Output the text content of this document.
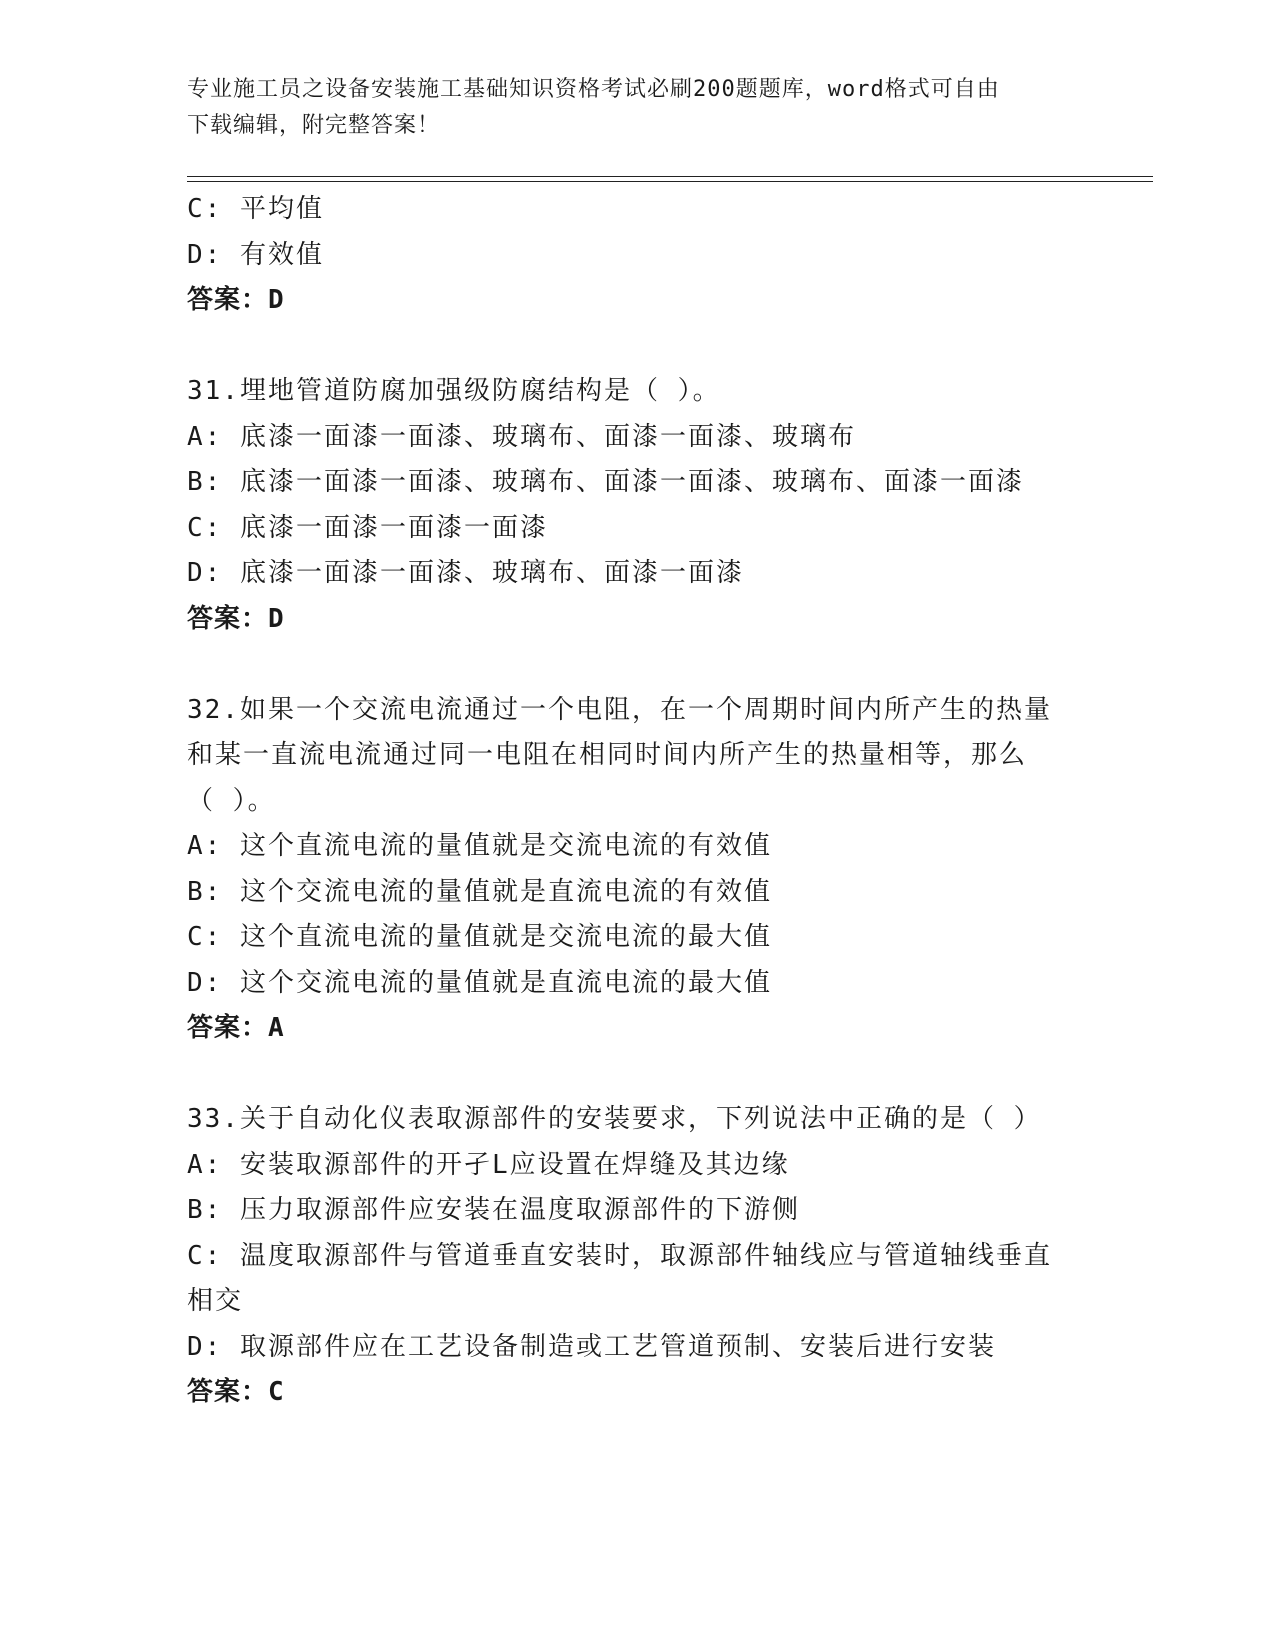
专业施工员之设备安装施工基础知识资格考试必刷200题题库，word格式可自由
下载编辑，附完整答案！
C: 平均值
D: 有效值
答案：D
31.埋地管道防腐加强级防腐结构是（ ）。
A: 底漆一面漆一面漆、玻璃布、面漆一面漆、玻璃布
B: 底漆一面漆一面漆、玻璃布、面漆一面漆、玻璃布、面漆一面漆
C: 底漆一面漆一面漆一面漆
D: 底漆一面漆一面漆、玻璃布、面漆一面漆
答案：D
32.如果一个交流电流通过一个电阻，在一个周期时间内所产生的热量
和某一直流电流通过同一电阻在相同时间内所产生的热量相等，那么
（ ）。
A: 这个直流电流的量值就是交流电流的有效值
B: 这个交流电流的量值就是直流电流的有效值
C: 这个直流电流的量值就是交流电流的最大值
D: 这个交流电流的量值就是直流电流的最大值
答案：A
33.关于自动化仪表取源部件的安装要求，下列说法中正确的是（ ）
A: 安装取源部件的开孑L应设置在焊缝及其边缘
B: 压力取源部件应安装在温度取源部件的下游侧
C: 温度取源部件与管道垂直安装时，取源部件轴线应与管道轴线垂直
相交
D: 取源部件应在工艺设备制造或工艺管道预制、安装后进行安装
答案：C
